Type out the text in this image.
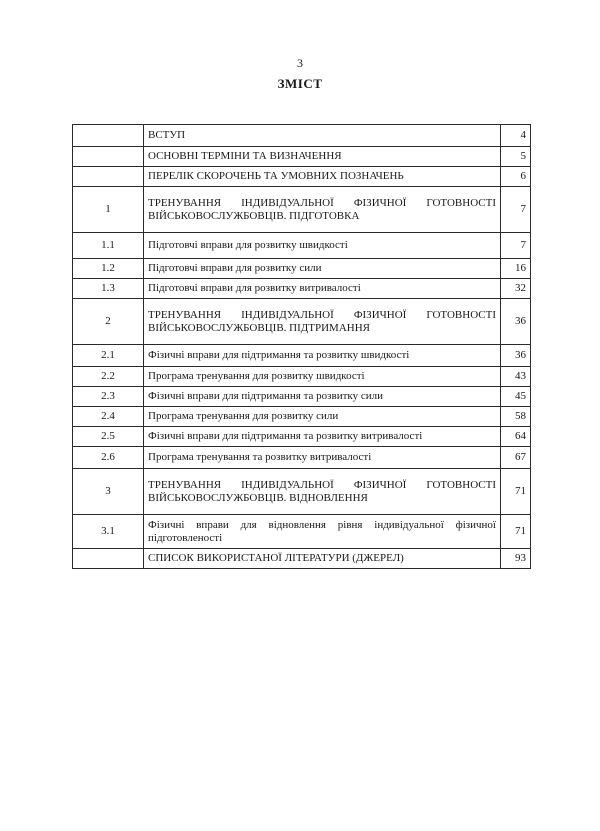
3
ЗМІСТ
	ВСТУП	4
	ОСНОВНІ ТЕРМІНИ ТА ВИЗНАЧЕННЯ	5
	ПЕРЕЛІК СКОРОЧЕНЬ ТА УМОВНИХ ПОЗНАЧЕНЬ	6
1	ТРЕНУВАННЯ ІНДИВІДУАЛЬНОЇ ФІЗИЧНОЇ ГОТОВНОСТІ ВІЙСЬКОВОСЛУЖБОВЦІВ. ПІДГОТОВКА	7
1.1	Підготовчі вправи для розвитку швидкості	7
1.2	Підготовчі вправи для розвитку сили	16
1.3	Підготовчі вправи для розвитку витривалості	32
2	ТРЕНУВАННЯ ІНДИВІДУАЛЬНОЇ ФІЗИЧНОЇ ГОТОВНОСТІ ВІЙСЬКОВОСЛУЖБОВЦІВ. ПІДТРИМАННЯ	36
2.1	Фізичні вправи для підтримання та розвитку швидкості	36
2.2	Програма тренування для розвитку швидкості	43
2.3	Фізичні вправи для підтримання та розвитку сили	45
2.4	Програма тренування для розвитку сили	58
2.5	Фізичні вправи для підтримання та розвитку витривалості	64
2.6	Програма тренування та розвитку витривалості	67
3	ТРЕНУВАННЯ ІНДИВІДУАЛЬНОЇ ФІЗИЧНОЇ ГОТОВНОСТІ ВІЙСЬКОВОСЛУЖБОВЦІВ. ВІДНОВЛЕННЯ	71
3.1	Фізичні вправи для відновлення рівня індивідуальної фізичної підготовленості	71
	СПИСОК ВИКОРИСТАНОЇ ЛІТЕРАТУРИ (ДЖЕРЕЛ)	93
